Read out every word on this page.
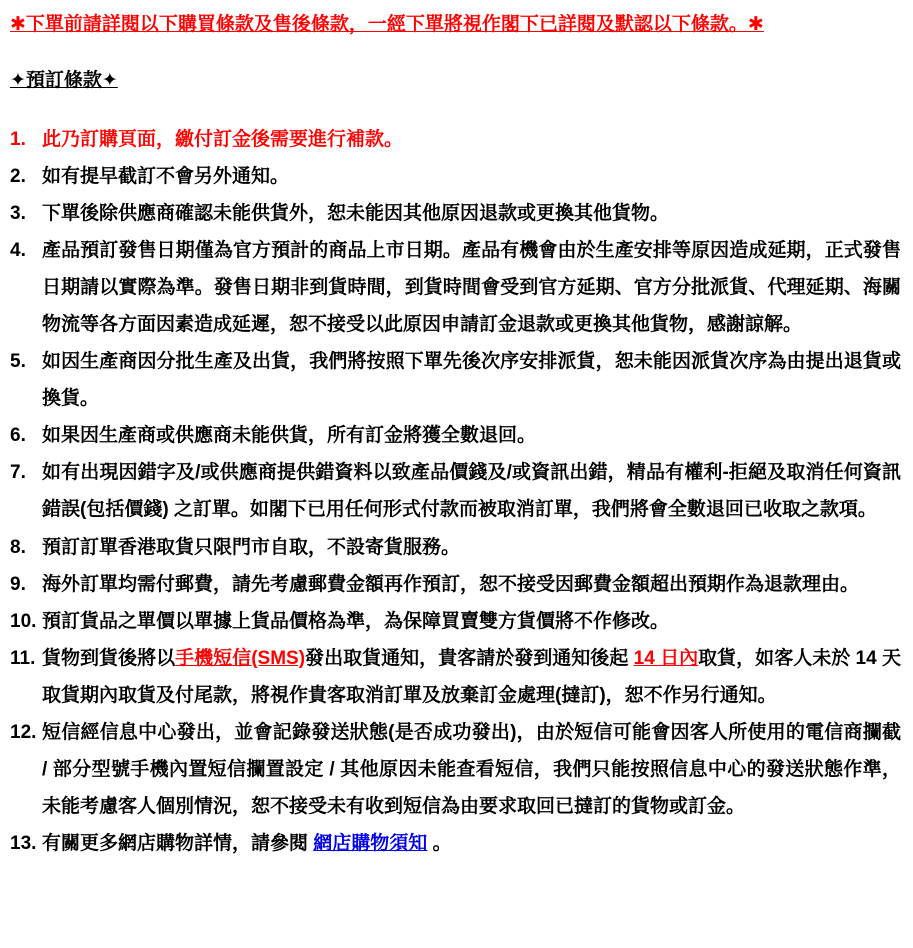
✱下單前請詳閱以下購買條款及售後條款，一經下單將視作閣下已詳閱及默認以下條款。✱
✦預訂條款✦
1. 此乃訂購頁面，繳付訂金後需要進行補款。
2. 如有提早截訂不會另外通知。
3. 下單後除供應商確認未能供貨外，恕未能因其他原因退款或更換其他貨物。
4. 產品預訂發售日期僅為官方預計的商品上市日期。產品有機會由於生產安排等原因造成延期，正式發售日期請以實際為準。發售日期非到貨時間，到貨時間會受到官方延期、官方分批派貨、代理延期、海關物流等各方面因素造成延遲，恕不接受以此原因申請訂金退款或更換其他貨物，感謝諒解。
5. 如因生產商因分批生產及出貨，我們將按照下單先後次序安排派貨，恕未能因派貨次序為由提出退貨或換貨。
6. 如果因生產商或供應商未能供貨，所有訂金將獲全數退回。
7. 如有出現因錯字及/或供應商提供錯資料以致產品價錢及/或資訊出錯，精品有權利-拒絕及取消任何資訊錯誤(包括價錢) 之訂單。如閣下已用任何形式付款而被取消訂單，我們將會全數退回已收取之款項。
8. 預訂訂單香港取貨只限門市自取，不設寄貨服務。
9. 海外訂單均需付郵費，請先考慮郵費金額再作預訂，恕不接受因郵費金額超出預期作為退款理由。
10. 預訂貨品之單價以單據上貨品價格為準，為保障買賣雙方貨價將不作修改。
11. 貨物到貨後將以手機短信(SMS)發出取貨通知，貴客請於發到通知後起 14 日內取貨，如客人未於 14 天取貨期內取貨及付尾款，將視作貴客取消訂單及放棄訂金處理(撻訂)，恕不作另行通知。
12. 短信經信息中心發出，並會記錄發送狀態(是否成功發出)，由於短信可能會因客人所使用的電信商攔截 / 部分型號手機內置短信攔置設定 / 其他原因未能查看短信，我們只能按照信息中心的發送狀態作準，未能考慮客人個別情況，恕不接受未有收到短信為由要求取回已撻訂的貨物或訂金。
13. 有關更多網店購物詳情，請參閱 網店購物須知 。
